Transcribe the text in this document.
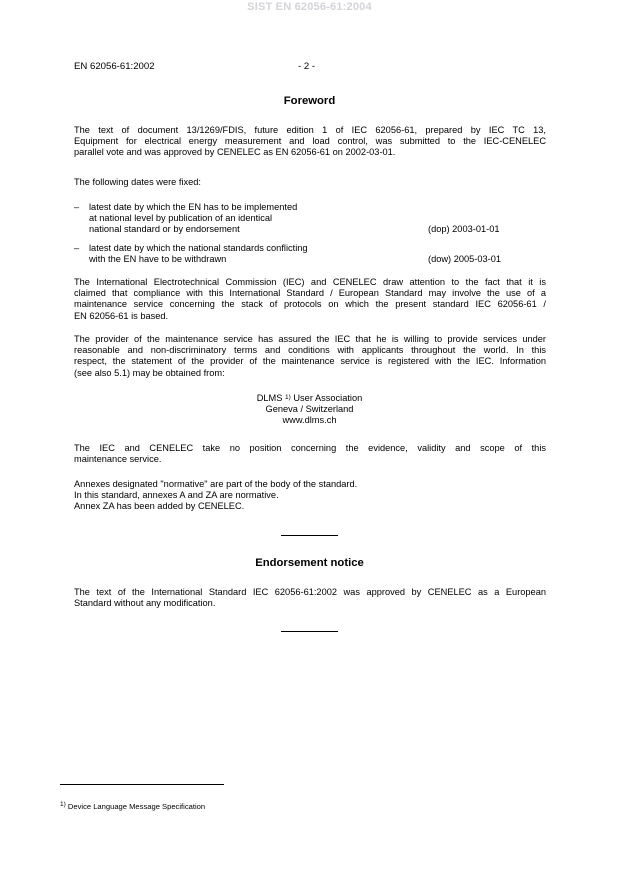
SIST EN 62056-61:2004
EN 62056-61:2002	- 2 -
Foreword
The text of document 13/1269/FDIS, future edition 1 of IEC 62056-61, prepared by IEC TC 13,
Equipment for electrical energy measurement and load control, was submitted to the IEC-CENELEC
parallel vote and was approved by CENELEC as EN 62056-61 on 2002-03-01.
The following dates were fixed:
– latest date by which the EN has to be implemented
at national level by publication of an identical
national standard or by endorsement	(dop) 2003-01-01
– latest date by which the national standards conflicting
with the EN have to be withdrawn	(dow) 2005-03-01
The International Electrotechnical Commission (IEC) and CENELEC draw attention to the fact that it is
claimed that compliance with this International Standard / European Standard may involve the use of a
maintenance service concerning the stack of protocols on which the present standard IEC 62056-61 /
EN 62056-61 is based.
The provider of the maintenance service has assured the IEC that he is willing to provide services under
reasonable and non-discriminatory terms and conditions with applicants throughout the world. In this
respect, the statement of the provider of the maintenance service is registered with the IEC. Information
(see also 5.1) may be obtained from:
DLMS $^{1)}$ User Association
Geneva / Switzerland
www.dlms.ch
The IEC and CENELEC take no position concerning the evidence, validity and scope of this
maintenance service.
Annexes designated "normative" are part of the body of the standard.
In this standard, annexes A and ZA are normative.
Annex ZA has been added by CENELEC.
Endorsement notice
The text of the International Standard IEC 62056-61:2002 was approved by CENELEC as a European
Standard without any modification.
$^{1)}$ Device Language Message Specification
